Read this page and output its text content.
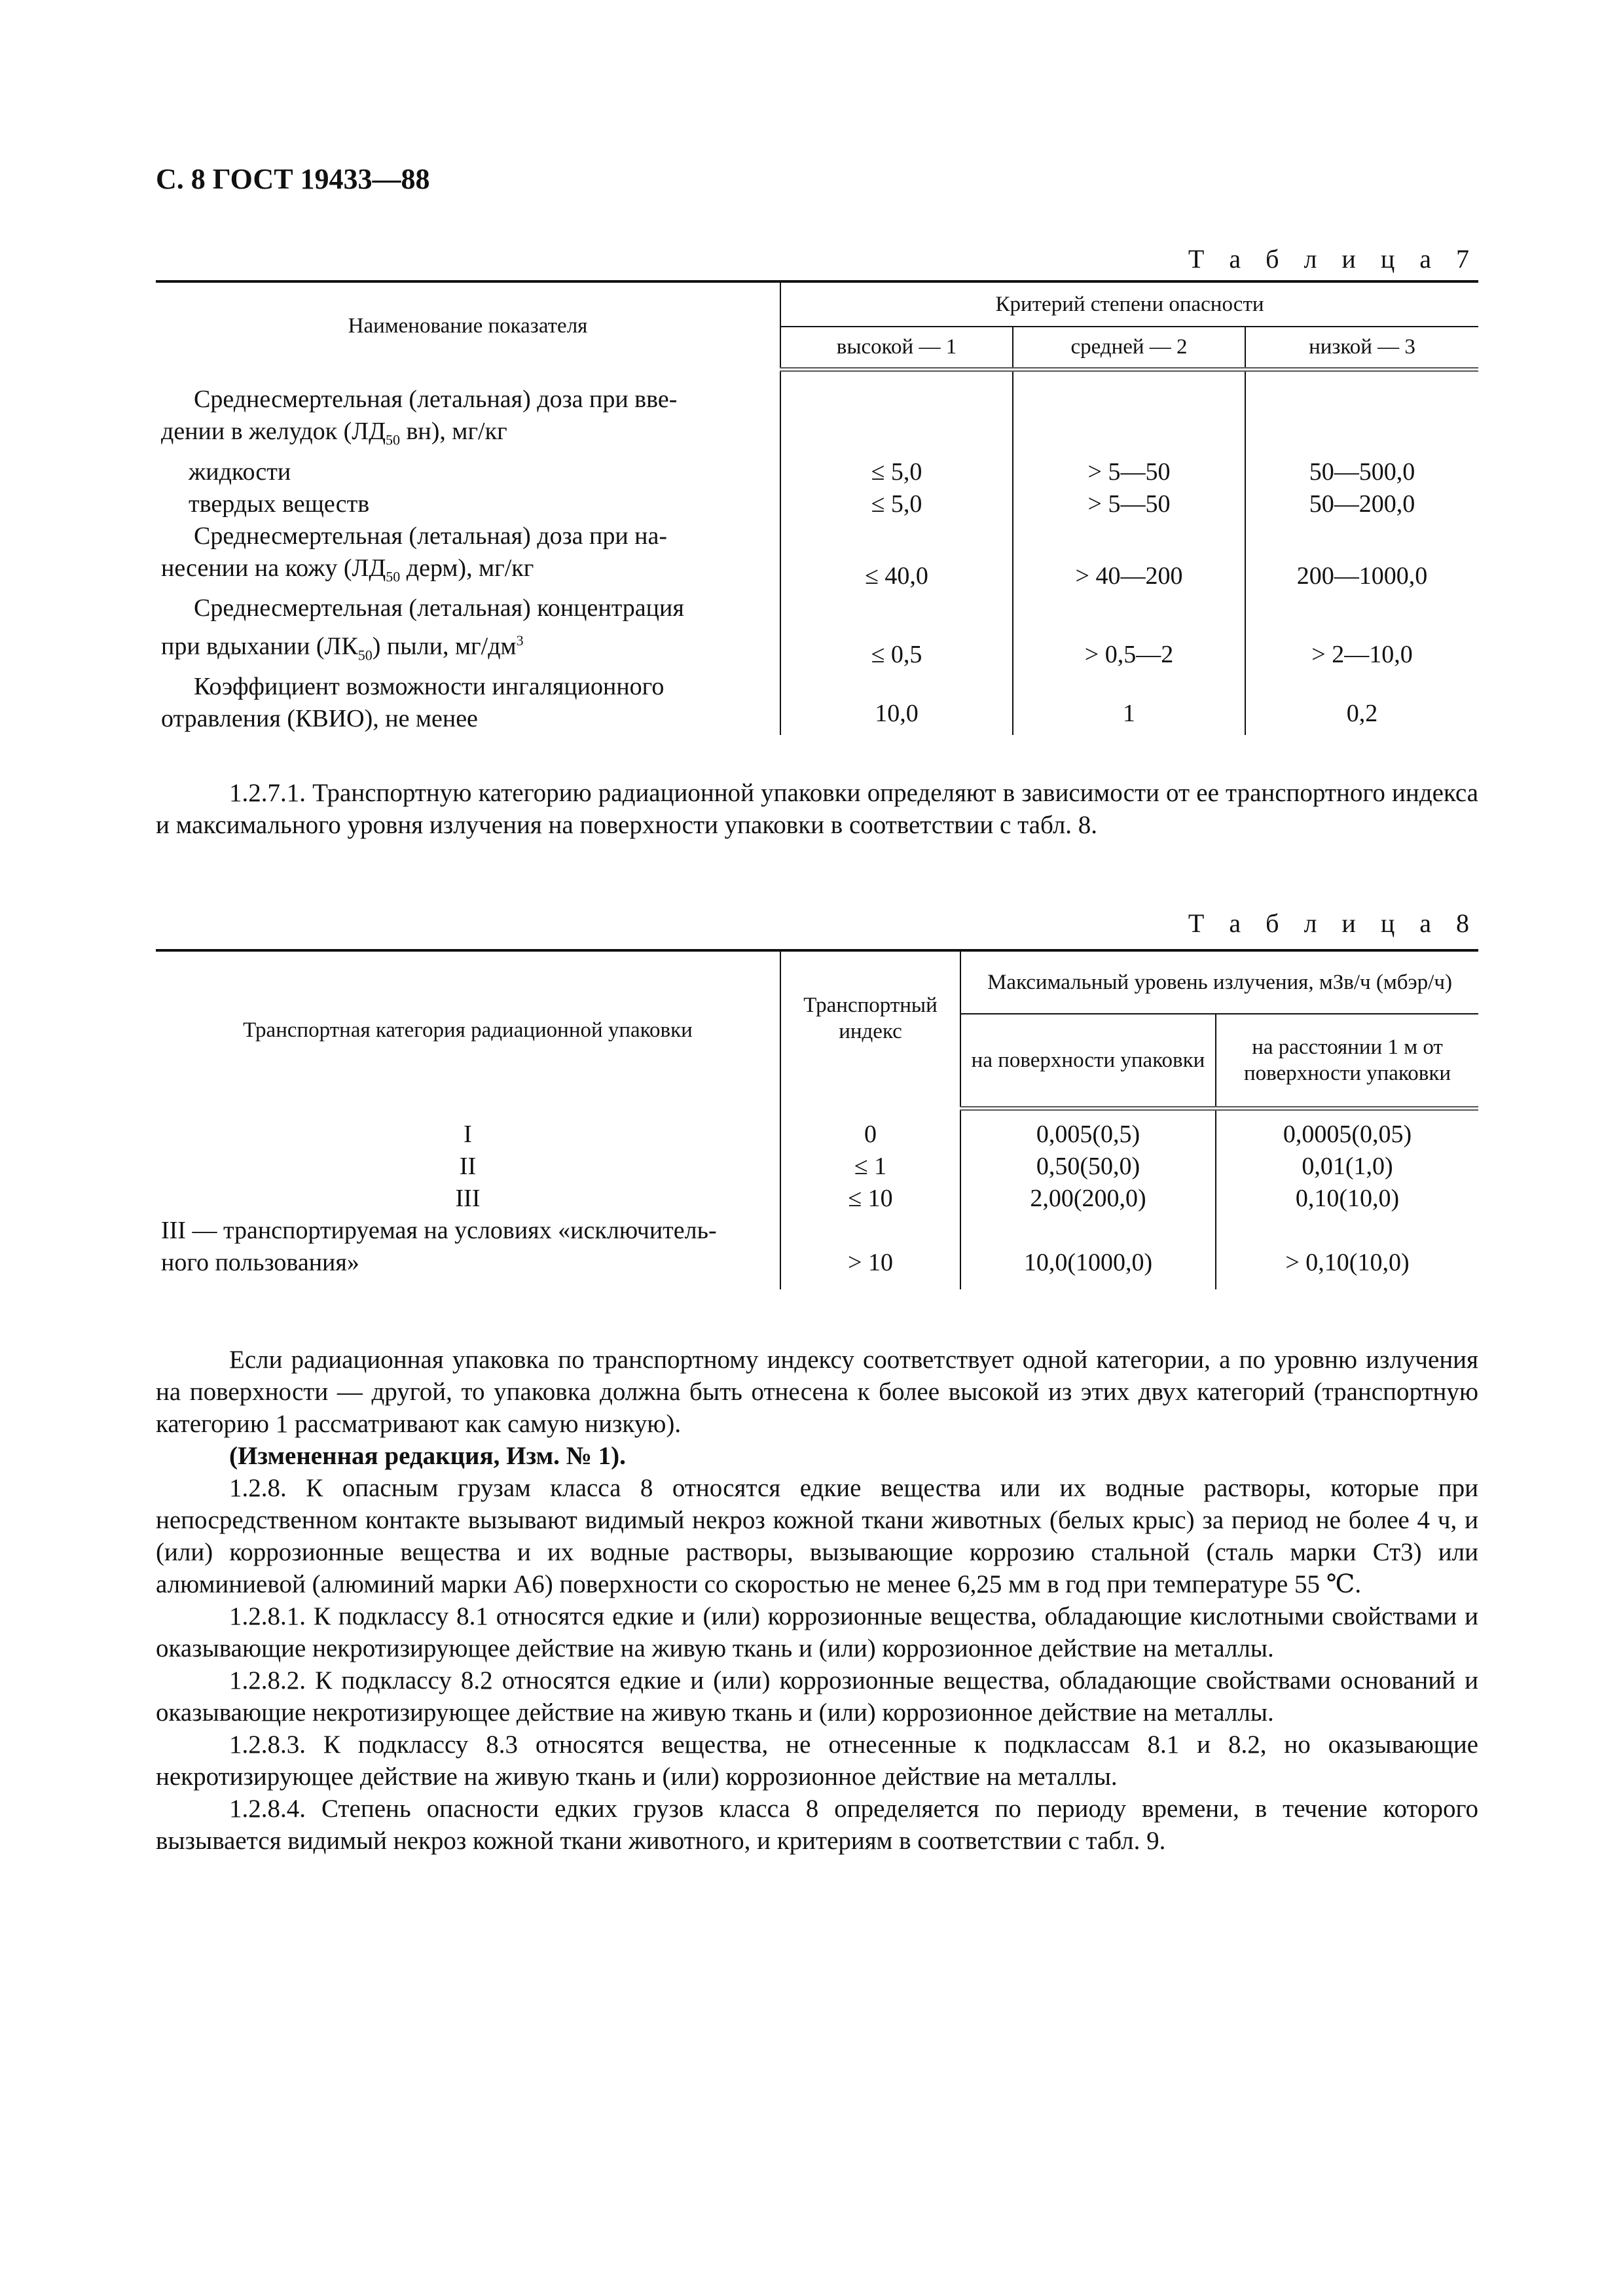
С. 8 ГОСТ 19433—88
Т а б л и ц а 7
Наименование показателя	Критерий степени опасности		
	высокой — 1	средней — 2	низкой — 3

Среднесмертельная (летальная) доза при вве-
дении в желудок ($ЛД_{50}$ вн), мг/кг			

жидкости	≤ 5,0	> 5—50	50—500,0
твердых веществ	≤ 5,0	> 5—50	50—200,0

Среднесмертельная (летальная) доза при на-
несении на кожу ($ЛД_{50}$ дерм), мг/кг	≤ 40,0	> 40—200	200—1000,0

Среднесмертельная (летальная) концентрация
при вдыхании $(ЛК_{50})$ пыли, $мг/дм^3$	≤ 0,5	> 0,5—2	> 2—10,0

Коэффициент возможности ингаляционного
отравления (КВИО), не менее	10,0	1	0,2

1.2.7.1. Транспортную категорию радиационной упаковки определяют в зависимости от ее транспортного индекса и максимального уровня излучения на поверхности упаковки в соответствии с табл. 8.

Т а б л и ц а 8
Транспортная категория радиационной упаковки	Транспортный индекс	Максимальный уровень излучения, мЗв/ч (мбэр/ч)	
		на поверхности упаковки	на расстоянии 1 м от поверхности упаковки

I	0	0,005(0,5)	0,0005(0,05)
II	≤ 1	0,50(50,0)	0,01(1,0)
III	≤ 10	2,00(200,0)	0,10(10,0)

III — транспортируемая на условиях «исключитель-
ного пользования»	> 10	10,0(1000,0)	> 0,10(10,0)

Если радиационная упаковка по транспортному индексу соответствует одной категории, а по уровню излучения на поверхности — другой, то упаковка должна быть отнесена к более высокой из этих двух категорий (транспортную категорию 1 рассматривают как самую низкую).

(Измененная редакция, Изм. № 1).

1.2.8. К опасным грузам класса 8 относятся едкие вещества или их водные растворы, которые при непосредственном контакте вызывают видимый некроз кожной ткани животных (белых крыс) за период не более 4 ч, и (или) коррозионные вещества и их водные растворы, вызывающие коррозию стальной (сталь марки Ст3) или алюминиевой (алюминий марки А6) поверхности со скоростью не менее 6,25 мм в год при температуре 55 ℃.

1.2.8.1. К подклассу 8.1 относятся едкие и (или) коррозионные вещества, обладающие кислотными свойствами и оказывающие некротизирующее действие на живую ткань и (или) коррозионное действие на металлы.

1.2.8.2. К подклассу 8.2 относятся едкие и (или) коррозионные вещества, обладающие свойствами оснований и оказывающие некротизирующее действие на живую ткань и (или) коррозионное действие на металлы.

1.2.8.3. К подклассу 8.3 относятся вещества, не отнесенные к подклассам 8.1 и 8.2, но оказывающие некротизирующее действие на живую ткань и (или) коррозионное действие на металлы.

1.2.8.4. Степень опасности едких грузов класса 8 определяется по периоду времени, в течение которого вызывается видимый некроз кожной ткани животного, и критериям в соответствии с табл. 9.
